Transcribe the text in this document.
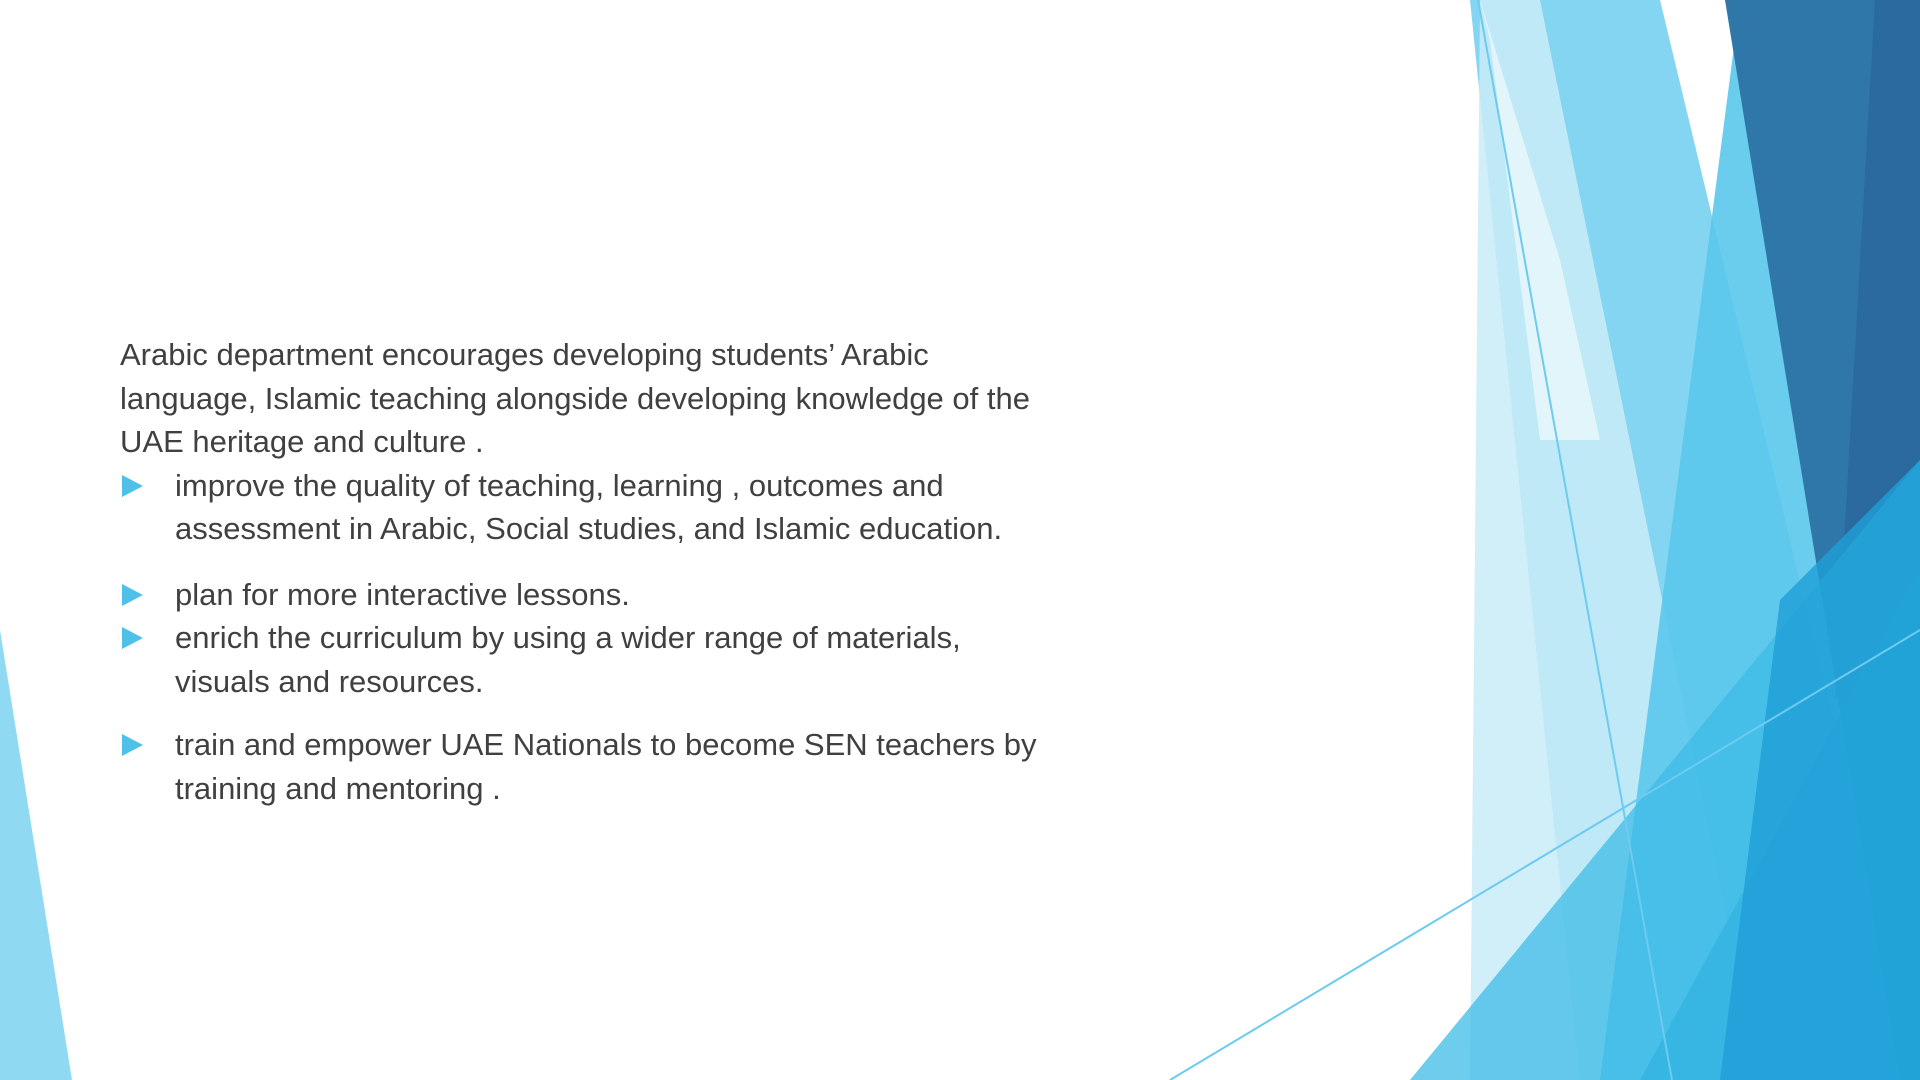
Arabic department encourages developing students’ Arabic language, Islamic teaching alongside developing knowledge of the UAE heritage and culture .

improve the quality of teaching, learning , outcomes and assessment in Arabic, Social studies, and Islamic education.
plan for more interactive lessons.
enrich the curriculum by using a wider range of materials, visuals and resources.
train and empower UAE Nationals to become SEN teachers by training and mentoring .
